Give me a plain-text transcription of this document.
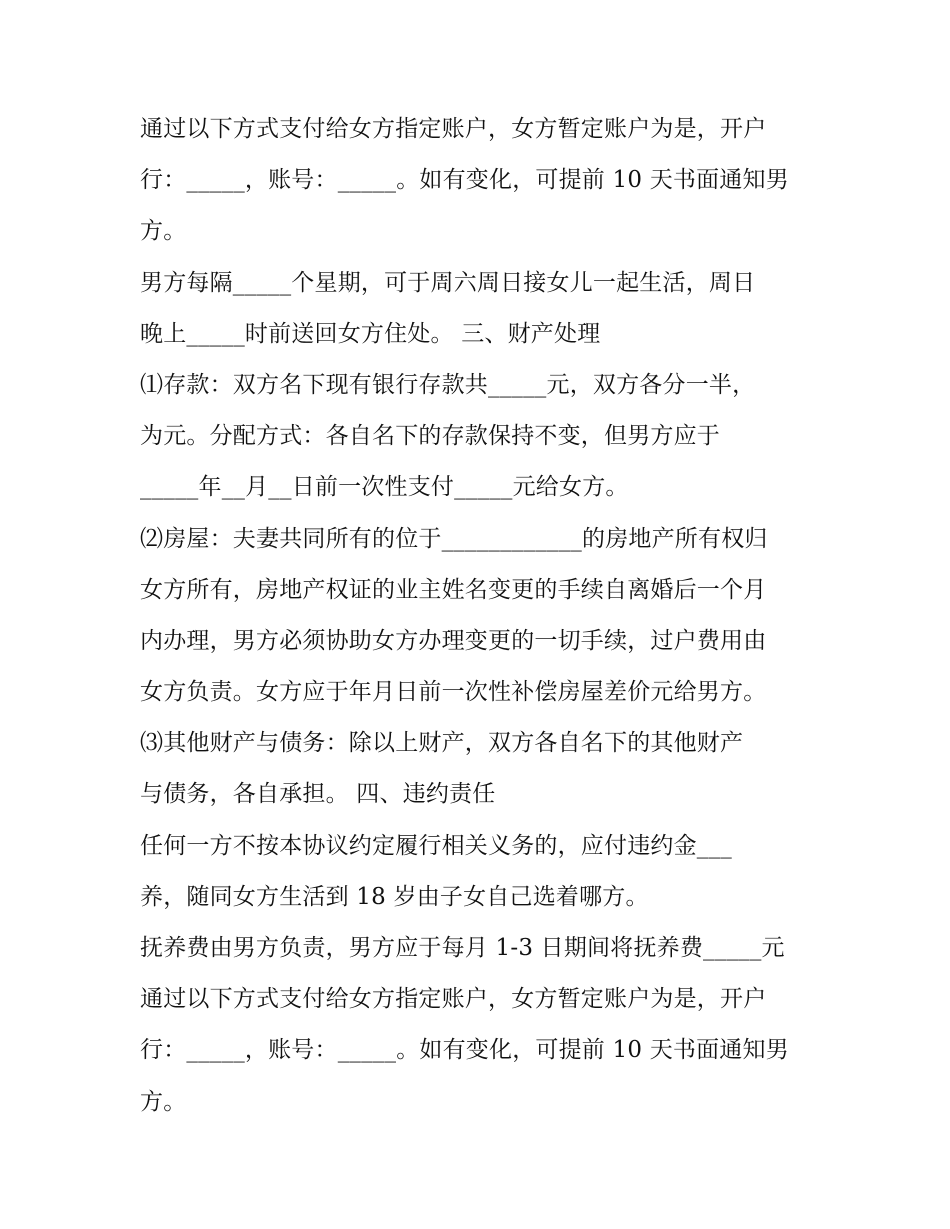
通过以下方式支付给女方指定账户，女方暂定账户为是，开户
行：_____，账号：_____。如有变化，可提前 10 天书面通知男
方。
男方每隔_____个星期，可于周六周日接女儿一起生活，周日
晚上_____时前送回女方住处。 三、财产处理
⑴存款：双方名下现有银行存款共_____元，双方各分一半，
为元。分配方式：各自名下的存款保持不变，但男方应于
_____年__月__日前一次性支付_____元给女方。
⑵房屋：夫妻共同所有的位于____________的房地产所有权归
女方所有，房地产权证的业主姓名变更的手续自离婚后一个月
内办理，男方必须协助女方办理变更的一切手续，过户费用由
女方负责。女方应于年月日前一次性补偿房屋差价元给男方。
⑶其他财产与债务：除以上财产，双方各自名下的其他财产
与债务，各自承担。 四、违约责任
任何一方不按本协议约定履行相关义务的，应付违约金___
养，随同女方生活到 18 岁由子女自己选着哪方。
抚养费由男方负责，男方应于每月 1-3 日期间将抚养费_____元
通过以下方式支付给女方指定账户，女方暂定账户为是，开户
行：_____，账号：_____。如有变化，可提前 10 天书面通知男
方。
